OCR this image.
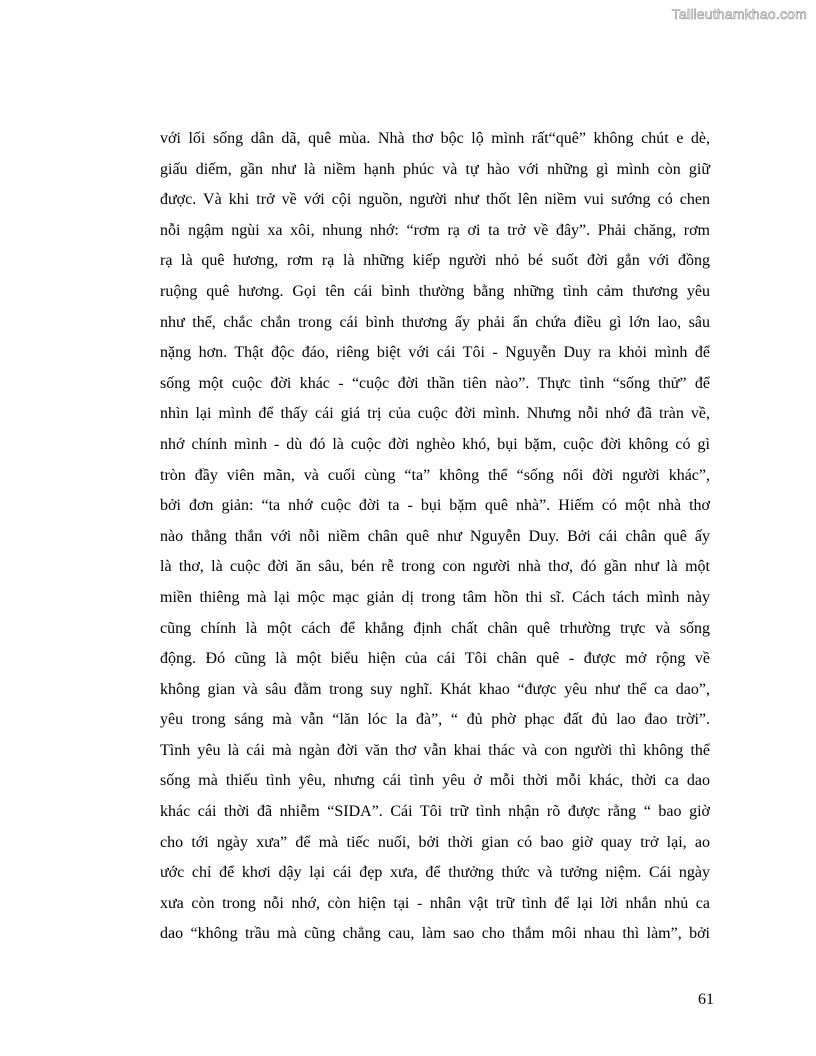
Tailieuthamkhao.com
với lối sống dân dã, quê mùa. Nhà thơ bộc lộ mình rất“quê” không chút e dè,
giấu diếm, gần như là niềm hạnh phúc và tự hào với những gì mình còn giữ
được. Và khi trở về với cội nguồn, người như thốt lên niềm vui sướng có chen
nỗi ngậm ngùi xa xôi, nhung nhớ: “rơm rạ ơi ta trở về đây”. Phải chăng, rơm
rạ là quê hương, rơm rạ là những kiếp người nhỏ bé suốt đời gắn với đồng
ruộng quê hương. Gọi tên cái bình thường bằng những tình cảm thương yêu
như thế, chắc chắn trong cái bình thương ấy phải ẩn chứa điều gì lớn lao, sâu
nặng hơn. Thật độc đáo, riêng biệt với cái Tôi - Nguyễn Duy ra khỏi mình để
sống một cuộc đời khác - “cuộc đời thần tiên nào”. Thực tình “sống thử” để
nhìn lại mình để thấy cái giá trị của cuộc đời mình. Nhưng nỗi nhớ đã tràn về,
nhớ chính mình - dù đó là cuộc đời nghèo khó, bụi bặm, cuộc đời không có gì
tròn đầy viên mãn, và cuối cùng “ta” không thể “sống nổi đời người khác”,
bởi đơn giản: “ta nhớ cuộc đời ta - bụi bặm quê nhà”. Hiếm có một nhà thơ
nào thẳng thắn với nỗi niềm chân quê như Nguyễn Duy. Bởi cái chân quê ấy
là thơ, là cuộc đời ăn sâu, bén rễ trong con người nhà thơ, đó gần như là một
miền thiêng mà lại mộc mạc giản dị trong tâm hồn thi sĩ. Cách tách mình này
cũng chính là một cách để khẳng định chất chân quê trhường trực và sống
động. Đó cũng là một biểu hiện của cái Tôi chân quê - được mở rộng về
không gian và sâu đằm trong suy nghĩ. Khát khao “được yêu như thể ca dao”,
yêu trong sáng mà vẫn “lăn lóc la đà”, “ đủ phờ phạc đất đủ lao đao trời”.
Tình yêu là cái mà ngàn đời văn thơ vẫn khai thác và con người thì không thể
sống mà thiếu tình yêu, nhưng cái tình yêu ở mỗi thời mỗi khác, thời ca dao
khác cái thời đã nhiễm “SIDA”. Cái Tôi trữ tình nhận rõ được rằng “ bao giờ
cho tới ngày xưa” để mà tiếc nuối, bởi thời gian có bao giờ quay trở lại, ao
ước chỉ để khơi dậy lại cái đẹp xưa, để thưởng thức và tưởng niệm. Cái ngày
xưa còn trong nỗi nhớ, còn hiện tại - nhân vật trữ tình để lại lời nhắn nhủ ca
dao “không trầu mà cũng chẳng cau, làm sao cho thắm môi nhau thì làm”, bởi
61
